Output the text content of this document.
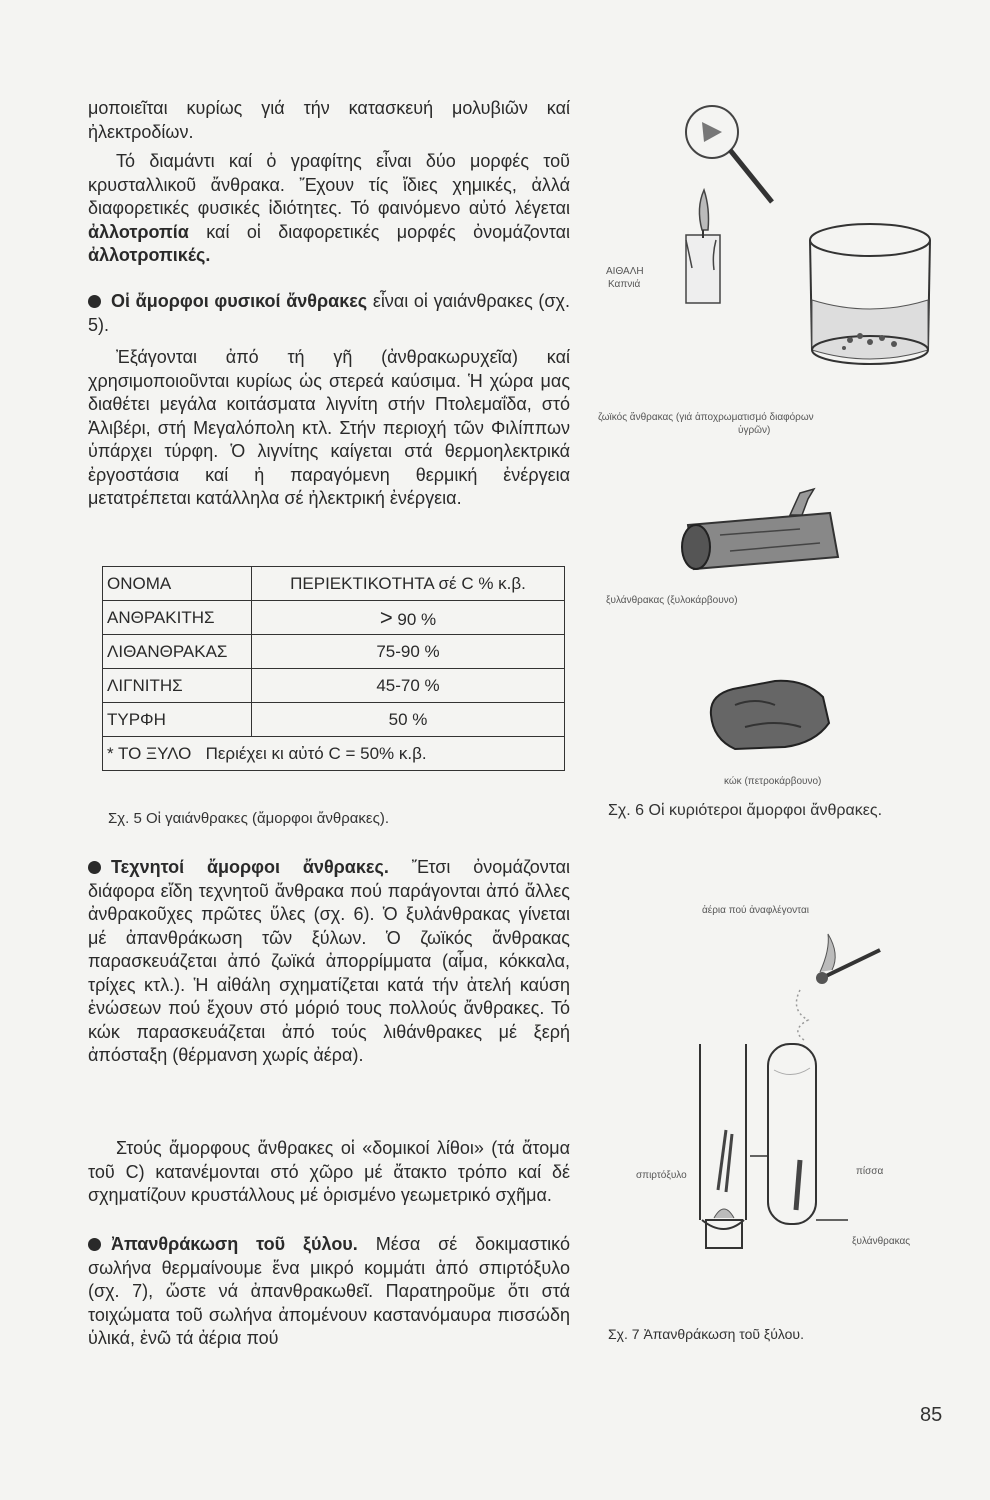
μοποιεῖται κυρίως γιά τήν κατασκευή μολυβιῶν καί ἠλεκτροδίων.

Τό διαμάντι καί ὁ γραφίτης εἶναι δύο μορφές τοῦ κρυσταλλικοῦ ἄνθρακα. Ἔχουν τίς ἴδιες χημικές, ἀλλά διαφορετικές φυσικές ἰδιότητες. Τό φαινόμενο αὐτό λέγεται ἀλλοτροπία καί οἱ διαφορετικές μορφές ὀνομάζονται ἀλλοτροπικές.

Οἱ ἄμορφοι φυσικοί ἄνθρακες εἶναι οἱ γαιάνθρακες (σχ. 5).

Ἐξάγονται ἀπό τή γῆ (ἀνθρακωρυχεῖα) καί χρησιμοποιοῦνται κυρίως ὡς στερεά καύσιμα. Ἡ χώρα μας διαθέτει μεγάλα κοιτάσματα λιγνίτη στήν Πτολεμαΐδα, στό Ἀλιβέρι, στή Μεγαλόπολη κτλ. Στήν περιοχή τῶν Φιλίππων ὑπάρχει τύρφη. Ὁ λιγνίτης καίγεται στά θερμοηλεκτρικά ἐργοστάσια καί ἡ παραγόμενη θερμική ἐνέργεια μετατρέπεται κατάλληλα σέ ἠλεκτρική ἐνέργεια.

ΟΝΟΜΑ	ΠΕΡΙΕΚΤΙΚΟΤΗΤΑ σέ C % κ.β.
ΑΝΘΡΑΚΙΤΗΣ	> 90 %
ΛΙΘΑΝΘΡΑΚΑΣ	75-90 %
ΛΙΓΝΙΤΗΣ	45-70 %
ΤΥΡΦΗ	50 %
* ΤΟ ΞΥΛΟ Περιέχει κι αὐτό C = 50% κ.β.	
Σχ. 5 Οἱ γαιάνθρακες (ἄμορφοι ἄνθρακες).

Τεχνητοί ἄμορφοι ἄνθρακες. Ἔτσι ὀνομάζονται διάφορα εἴδη τεχνητοῦ ἄνθρακα πού παράγονται ἀπό ἄλλες ἀνθρακοῦχες πρῶτες ὕλες (σχ. 6). Ὁ ξυλάνθρακας γίνεται μέ ἀπανθράκωση τῶν ξύλων. Ὁ ζωϊκός ἄνθρακας παρασκευάζεται ἀπό ζωϊκά ἀπορρίμματα (αἷμα, κόκκαλα, τρίχες κτλ.). Ἡ αἰθάλη σχηματίζεται κατά τήν ἀτελή καύση ἑνώσεων πού ἔχουν στό μόριό τους πολλούς ἄνθρακες. Τό κώκ παρασκευάζεται ἀπό τούς λιθάνθρακες μέ ξερή ἀπόσταξη (θέρμανση χωρίς ἀέρα).

Στούς ἄμορφους ἄνθρακες οἱ «δομικοί λίθοι» (τά ἄτομα τοῦ C) κατανέμονται στό χῶρο μέ ἄτακτο τρόπο καί δέ σχηματίζουν κρυστάλλους μέ ὁρισμένο γεωμετρικό σχῆμα.

Ἀπανθράκωση τοῦ ξύλου. Μέσα σέ δοκιμαστικό σωλήνα θερμαίνουμε ἕνα μικρό κομμάτι ἀπό σπιρτόξυλο (σχ. 7), ὥστε νά ἀπανθρακωθεῖ. Παρατηροῦμε ὅτι στά τοιχώματα τοῦ σωλήνα ἀπομένουν καστανόμαυρα πισσώδη ὑλικά, ἐνῶ τά ἀέρια πού

ΑΙΘΑΛΗ
Καπνιά
ζωϊκός ἄνθρακας (γιά ἀποχρωματισμό διαφόρων
ὑγρῶν)
ξυλάνθρακας (ξυλοκάρβουνο)
κώκ (πετροκάρβουνο)
Σχ. 6 Οἱ κυριότεροι ἄμορφοι ἄνθρακες.
ἀέρια πού ἀναφλέγονται
σπιρτόξυλο	πίσσα
ξυλάνθρακας
Σχ. 7 Ἀπανθράκωση τοῦ ξύλου.
85
